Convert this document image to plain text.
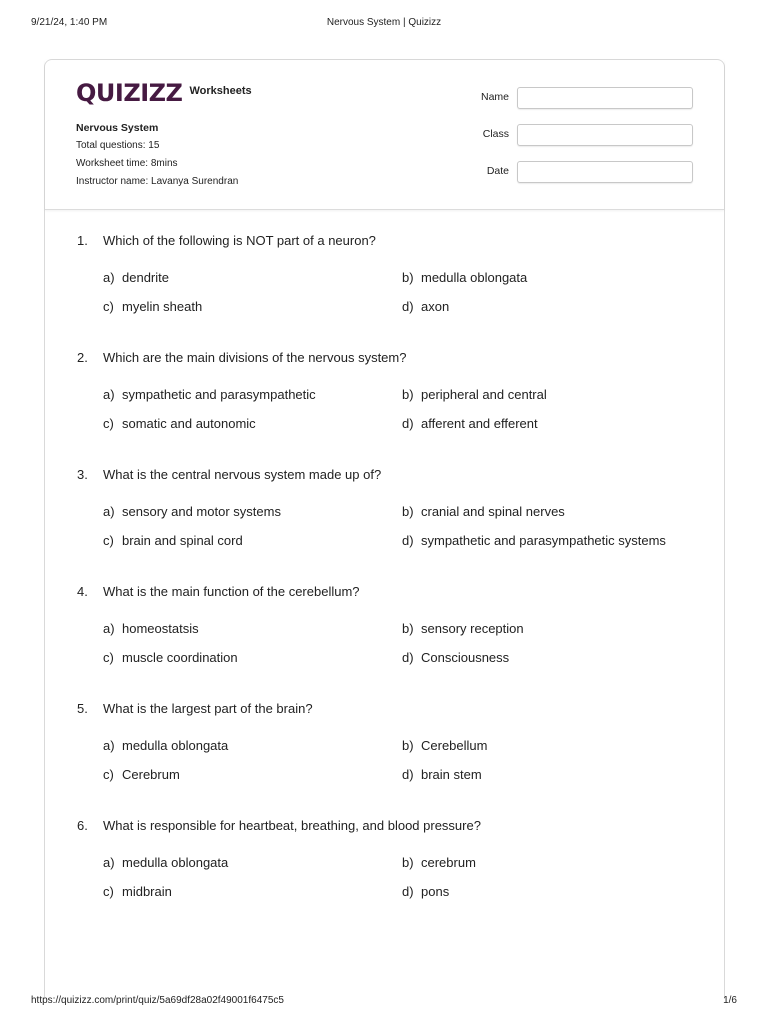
9/21/24, 1:40 PM	Nervous System | Quizizz
QUIZIZZ Worksheets
Nervous System
Total questions: 15
Worksheet time: 8mins
Instructor name: Lavanya Surendran
Name
Class
Date
1.	Which of the following is NOT part of a neuron?
a) dendrite	b) medulla oblongata
c) myelin sheath	d) axon
2.	Which are the main divisions of the nervous system?
a) sympathetic and parasympathetic	b) peripheral and central
c) somatic and autonomic	d) afferent and efferent
3.	What is the central nervous system made up of?
a) sensory and motor systems	b) cranial and spinal nerves
c) brain and spinal cord	d) sympathetic and parasympathetic systems
4.	What is the main function of the cerebellum?
a) homeostatsis	b) sensory reception
c) muscle coordination	d) Consciousness
5.	What is the largest part of the brain?
a) medulla oblongata	b) Cerebellum
c) Cerebrum	d) brain stem
6.	What is responsible for heartbeat, breathing, and blood pressure?
a) medulla oblongata	b) cerebrum
c) midbrain	d) pons
https://quizizz.com/print/quiz/5a69df28a02f49001f6475c5	1/6
